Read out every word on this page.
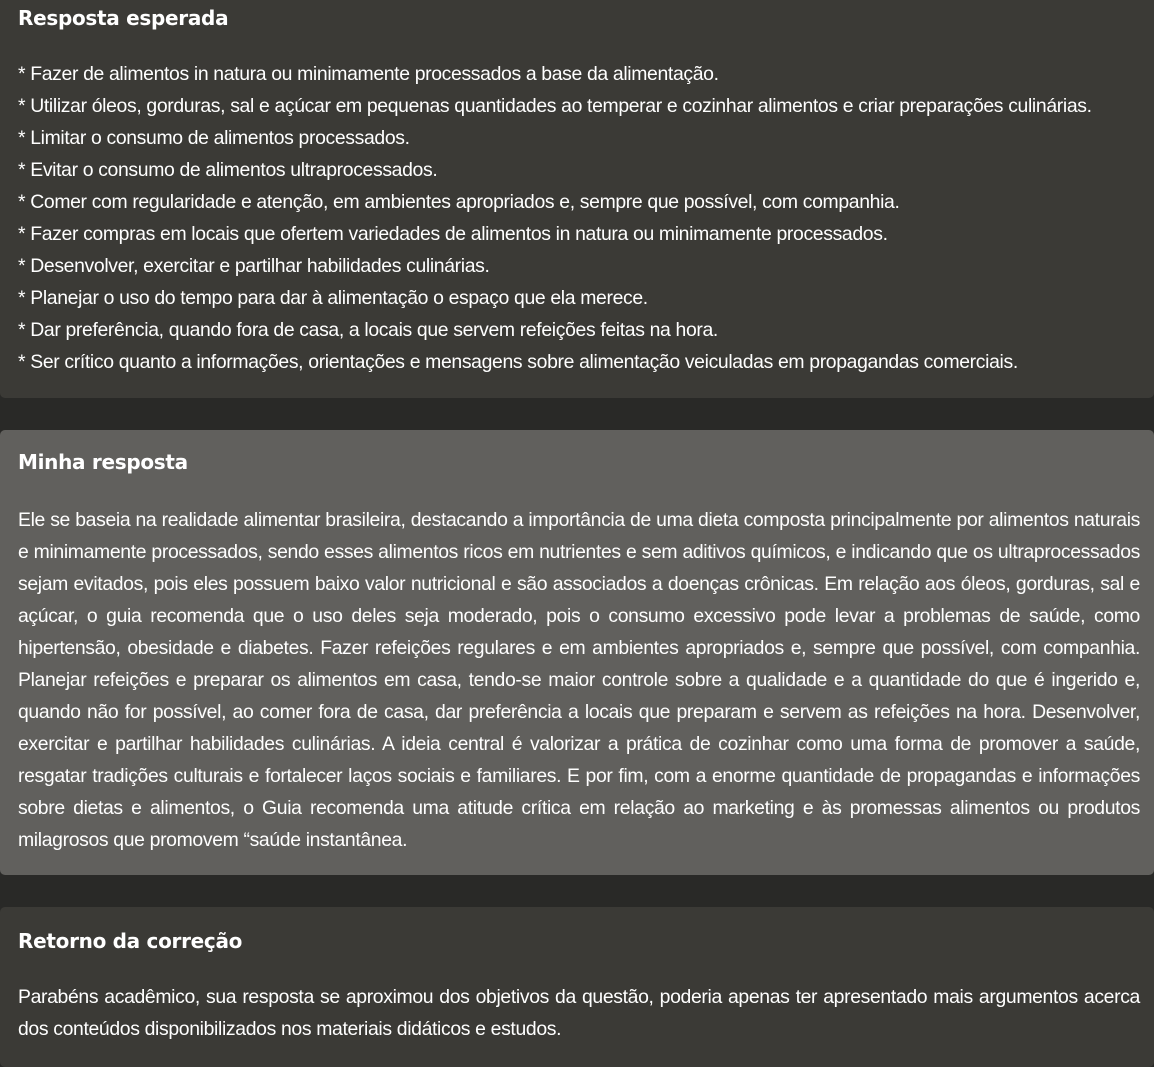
Resposta esperada
* Fazer de alimentos in natura ou minimamente processados a base da alimentação.
* Utilizar óleos, gorduras, sal e açúcar em pequenas quantidades ao temperar e cozinhar alimentos e criar preparações culinárias.
* Limitar o consumo de alimentos processados.
* Evitar o consumo de alimentos ultraprocessados.
* Comer com regularidade e atenção, em ambientes apropriados e, sempre que possível, com companhia.
* Fazer compras em locais que ofertem variedades de alimentos in natura ou minimamente processados.
* Desenvolver, exercitar e partilhar habilidades culinárias.
* Planejar o uso do tempo para dar à alimentação o espaço que ela merece.
* Dar preferência, quando fora de casa, a locais que servem refeições feitas na hora.
* Ser crítico quanto a informações, orientações e mensagens sobre alimentação veiculadas em propagandas comerciais.
Minha resposta

Ele se baseia na realidade alimentar brasileira, destacando a importância de uma dieta composta principalmente por alimentos naturais e minimamente processados, sendo esses alimentos ricos em nutrientes e sem aditivos químicos, e indicando que os ultraprocessados sejam evitados, pois eles possuem baixo valor nutricional e são associados a doenças crônicas. Em relação aos óleos, gorduras, sal e açúcar, o guia recomenda que o uso deles seja moderado, pois o consumo excessivo pode levar a problemas de saúde, como hipertensão, obesidade e diabetes. Fazer refeições regulares e em ambientes apropriados e, sempre que possível, com companhia. Planejar refeições e preparar os alimentos em casa, tendo-se maior controle sobre a qualidade e a quantidade do que é ingerido e, quando não for possível, ao comer fora de casa, dar preferência a locais que preparam e servem as refeições na hora. Desenvolver, exercitar e partilhar habilidades culinárias. A ideia central é valorizar a prática de cozinhar como uma forma de promover a saúde, resgatar tradições culturais e fortalecer laços sociais e familiares. E por fim, com a enorme quantidade de propagandas e informações sobre dietas e alimentos, o Guia recomenda uma atitude crítica em relação ao marketing e às promessas alimentos ou produtos milagrosos que promovem “saúde instantânea.

Retorno da correção

Parabéns acadêmico, sua resposta se aproximou dos objetivos da questão, poderia apenas ter apresentado mais argumentos acerca dos conteúdos disponibilizados nos materiais didáticos e estudos.
